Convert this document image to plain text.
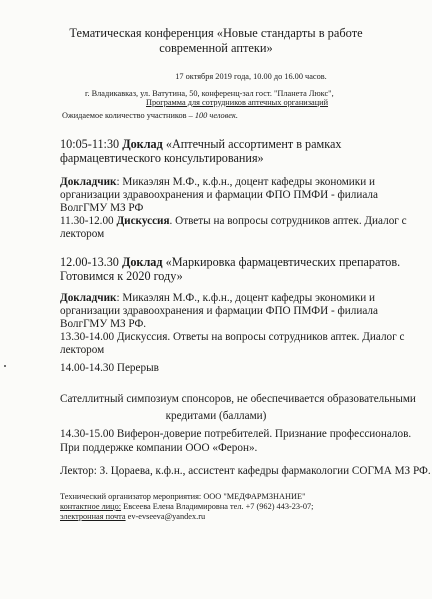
Тематическая конференция «Новые стандарты в работе
современной аптеки»
17 октября 2019 года, 10.00 до 16.00 часов.
г. Владикавказ, ул. Ватутина, 50, конференц-зал гост. "Планета Люкс",
Программа для сотрудников аптечных организаций
Ожидаемое количество участников – 100 человек.
10:05-11:30 Доклад «Аптечный ассортимент в рамках
фармацевтического консультирования»
Докладчик: Микаэлян М.Ф., к.ф.н., доцент кафедры экономики и
организации здравоохранения и фармации ФПО ПМФИ - филиала
ВолгГМУ МЗ РФ
11.30-12.00 Дискуссия. Ответы на вопросы сотрудников аптек. Диалог с
лектором
12.00-13.30 Доклад «Маркировка фармацевтических препаратов.
Готовимся к 2020 году»
Докладчик: Микаэлян М.Ф., к.ф.н., доцент кафедры экономики и
организации здравоохранения и фармации ФПО ПМФИ - филиала
ВолгГМУ МЗ РФ.
13.30-14.00 Дискуссия. Ответы на вопросы сотрудников аптек. Диалог с
лектором
14.00-14.30 Перерыв
Сателлитный симпозиум спонсоров, не обеспечивается образовательными
кредитами (баллами)
14.30-15.00 Виферон-доверие потребителей. Признание профессионалов.
При поддержке компании ООО «Ферон».
Лектор: З. Цораева, к.ф.н., ассистент кафедры фармакологии СОГМА МЗ РФ.
Технический организатор мероприятия: ООО "МЕДФАРМЗНАНИЕ"
контактное лицо: Евсеева Елена Владимировна тел. +7 (962) 443-23-07;
электронная почта ev-evseeva@yandex.ru
